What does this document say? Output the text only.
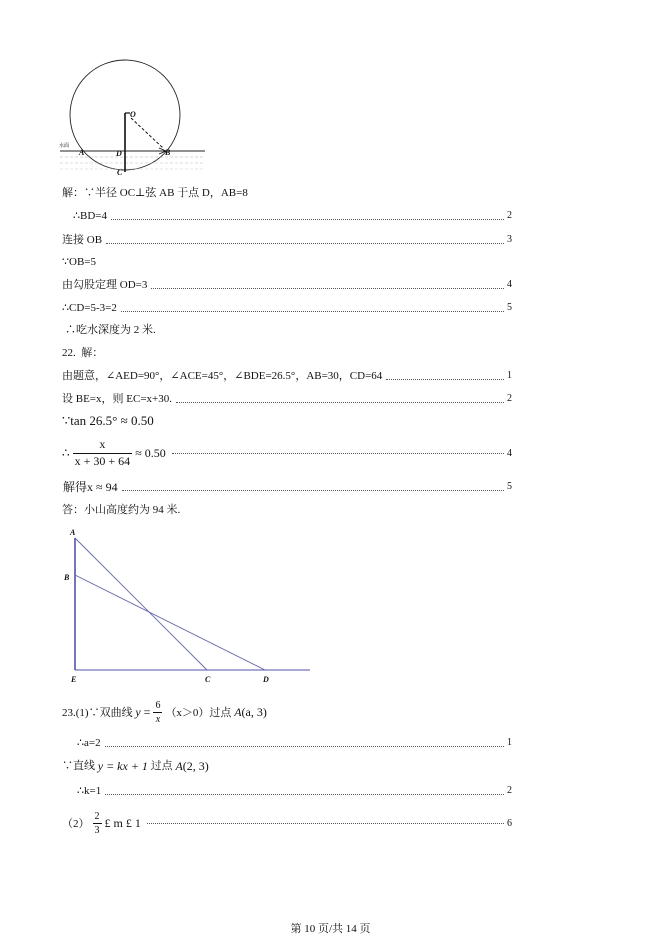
水面
A	D	B
C
O
解：∵半径 OC⊥弦 AB 于点 D，AB=8
∴BD=4	2
连接 OB	3
∵OB=5
由勾股定理 OD=3	4
∴CD=5-3=2	5
∴吃水深度为 2 米.
22.  解：
由题意，∠AED=90°，∠ACE=45°，∠BDE=26.5°，AB=30，CD=64	1
设 BE=x，则 EC=x+30.	2
∵tan 26.5° ≈ 0.50
∴ $\frac{x}{x + 30 + 64} \approx 0.50$	4
解得x ≈ 94	5
答：小山高度约为 94 米.
A
B
E	C	D
23.(1)∵双曲线 $y = \frac{6}{x} (x>0)$过点 A (a, 3)
∴a=2	1
∵直线 y = kx + 1 过点 A (2, 3)
∴k=1	2
$(2) \frac{2}{3}$ £ m £ 1	6
第 10 页/共 14 页
